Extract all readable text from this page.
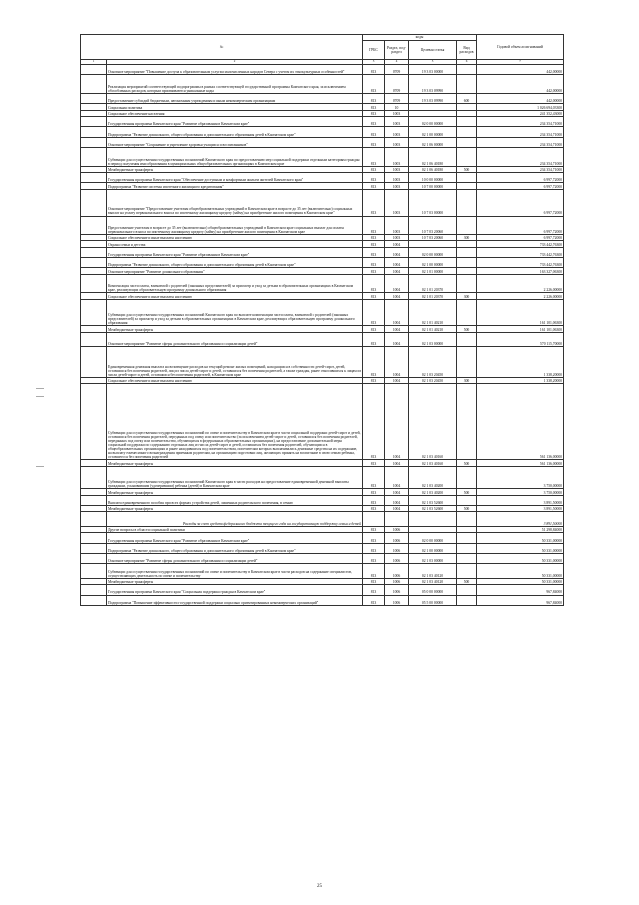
№		коды				Годовой объем ассигнований
		ГРБС	Раздел, под-раздел	Целевая статья	Вид расходов	
1	2	3	4	5	6	7
	Основное мероприятие "Повышение доступа к образовательным услугам малочисленных народов Севера с учетом их этнокультурных особенностей"	813	0709	19 3 03 00000		442,00000
	Реализация мероприятий соответствующей подпрограммы в рамках соответствующей государственной программы Камчатского края, за исключением обособленных расходов, которым присваиваются уникальные коды	813	0709	19 3 03 09990		442,00000
	Предоставление субсидий бюджетным, автономным учреждениям и иным некоммерческим организациям	813	0709	19 3 03 09990	600	442,00000
	Социальная политика	813	10			1 026 694,03300
	Социальное обеспечение населения	813	1003			241 352,43000
	Государственная программа Камчатского края "Развитие образования в Камчатском крае"	813	1003	02 0 00 00000		234 354,71000
	Подпрограмма "Развитие дошкольного, общего образования и дополнительного образования детей в Камчатском крае"	813	1003	02 1 00 00000		234 354,71000
	Основное мероприятие "Сохранение и укрепление здоровья учащихся и воспитанников"	813	1003	02 1 06 00000		234 354,71000
	Субвенции для осуществления государственных полномочий Камчатского края по предоставлению мер социальной поддержки отдельным категориям граждан в период получения ими образования в муниципальных общеобразовательных организациях в Камчатском крае	813	1003	02 1 06 40180		234 354,71000
	Межбюджетные трансферты	813	1003	02 1 06 40180	500	234 354,71000
	Государственная программа Камчатского края "Обеспечение доступным и комфортным жильем жителей Камчатского края"	813	1003	10 0 00 00000		6 997,72000
	Подпрограмма "Развитие системы ипотечного жилищного кредитования"	813	1003	10 7 00 00000		6 997,72000
	Основное мероприятие "Предоставление учителям общеобразовательных учреждений в Камчатском крае в возрасте до 35 лет (включительно) социальных выплат на уплату первоначального взноса по ипотечному жилищному кредиту (займу) на приобретение жилого помещения в Камчатском крае"	813	1003	10 7 03 00000		6 997,72000
	Предоставление учителям в возрасте до 35 лет (включительно) общеобразовательных учреждений в Камчатском крае социальных выплат для оплаты первоначального взноса по ипотечному жилищному кредиту (займу) на приобретение жилого помещения в Камчатском крае	813	1003	10 7 03 20060		6 997,72000
	Социальное обеспечение и иные выплаты населению	813	1003	10 7 03 20060	300	6 997,72000
	Охрана семьи и детства	813	1004			733 442,76300
	Государственная программа Камчатского края "Развитие образования в Камчатском крае"	813	1004	02 0 00 00000		733 442,76300
	Подпрограмма "Развитие дошкольного, общего образования и дополнительного образования детей в Камчатском крае"	813	1004	02 1 00 00000		733 442,76300
	Основное мероприятие "Развитие дошкольного образования"	813	1004	02 1 01 00000		163 327,06300
	Компенсация части платы, взимаемой с родителей (законных представителей) за присмотр и уход за детьми в образовательных организациях в Камчатском крае, реализующих образовательную программу дошкольного образования	813	1004	02 1 01 20370		2 226,00000
	Социальное обеспечение и иные выплаты населению	813	1004	02 1 01 20370	300	2 226,00000
	Субвенции для осуществления государственных полномочий Камчатского края по выплате компенсации части платы, взимаемой с родителей (законных представителей) за присмотр и уход за детьми в образовательных организациях в Камчатском крае, реализующих образовательную программу дошкольного образования	813	1004	02 1 01 40210		161 101,06300
	Межбюджетные трансферты	813	1004	02 1 01 40210	500	161 101,06300
	Основное мероприятие "Развитие сферы дополнительного образования и социализации детей"	813	1004	02 1 03 00000		570 115,70000
	Единовременная денежная выплата на возмещение расходов на текущий ремонт жилых помещений, находящихся в собственности детей-сирот, детей, оставшихся без попечения родителей, лиц из числа детей-сирот и детей, оставшихся без попечения родителей, а также граждан, ранее относившихся к лицам из числа детей-сирот и детей, оставшихся без попечения родителей, в Камчатском крае	813	1004	02 1 03 20450		1 338,20000
	Социальное обеспечение и иные выплаты населению	813	1004	02 1 03 20450	300	1 338,20000
	Субвенции для осуществления государственных полномочий по опеке и попечительству в Камчатском крае в части социальной поддержки детей-сирот и детей, оставшихся без попечения родителей, переданных под опеку или попечительство (за исключением детей-сирот и детей, оставшихся без попечения родителей, переданных под опеку или попечительство, обучающихся в федеральных образовательных организациях), на предоставление дополнительной меры социальной поддержки по содержанию отдельных лиц из числа детей-сирот и детей, оставшихся без попечения родителей, обучающихся в общеобразовательных организациях и ранее находившихся под попечительством, попечителям которых выплачивались денежные средства на их содержание, на выплату ежемесячного вознаграждения приемным родителям, на организацию подготовки лиц, желающих принять на воспитание в свою семью ребенка, оставшегося без попечения родителей	813	1004	02 1 03 40160		561 136,00000
	Межбюджетные трансферты	813	1004	02 1 03 40160	500	561 136,00000
	Субвенции для осуществления государственных полномочий Камчатского края в части расходов на предоставление единовременной денежной выплаты гражданам, усыновившим (удочерившим) ребенка (детей) в Камчатском крае	813	1004	02 1 03 40200		3 750,00000
	Межбюджетные трансферты	813	1004	02 1 03 40200	500	3 750,00000
	Выплата единовременного пособия при всех формах устройства детей, лишенных родительского попечения, в семью	813	1004	02 1 03 52600		3 891,50000
	Межбюджетные трансферты	813	1004	02 1 03 52600	500	3 891,50000
	Расходы за счет средств федерального бюджета текущего года на государственную поддержку семьи и детей					3 891,50000
	Другие вопросы в области социальной политики	813	1006			51 298,84000
	Государственная программа Камчатского края "Развитие образования в Камчатском крае"	813	1006	02 0 00 00000		50 331,00000
	Подпрограмма "Развитие дошкольного, общего образования и дополнительного образования детей в Камчатском крае"	813	1006	02 1 00 00000		50 331,00000
	Основное мероприятие "Развитие сферы дополнительного образования и социализации детей"	813	1006	02 1 03 00000		50 331,00000
	Субвенции для осуществления государственных полномочий по опеке и попечительству в Камчатском крае в части расходов на содержание специалистов, осуществляющих деятельность по опеке и попечительству	813	1006	02 1 03 40120		50 331,00000
	Межбюджетные трансферты	813	1006	02 1 03 40120	500	50 331,00000
	Государственная программа Камчатского края "Социальная поддержка граждан в Камчатском крае"	813	1006	05 0 00 00000		967,84000
	Подпрограмма "Повышение эффективности государственной поддержки социально ориентированных некоммерческих организаций"	813	1006	05 5 00 00000		967,84000
25
